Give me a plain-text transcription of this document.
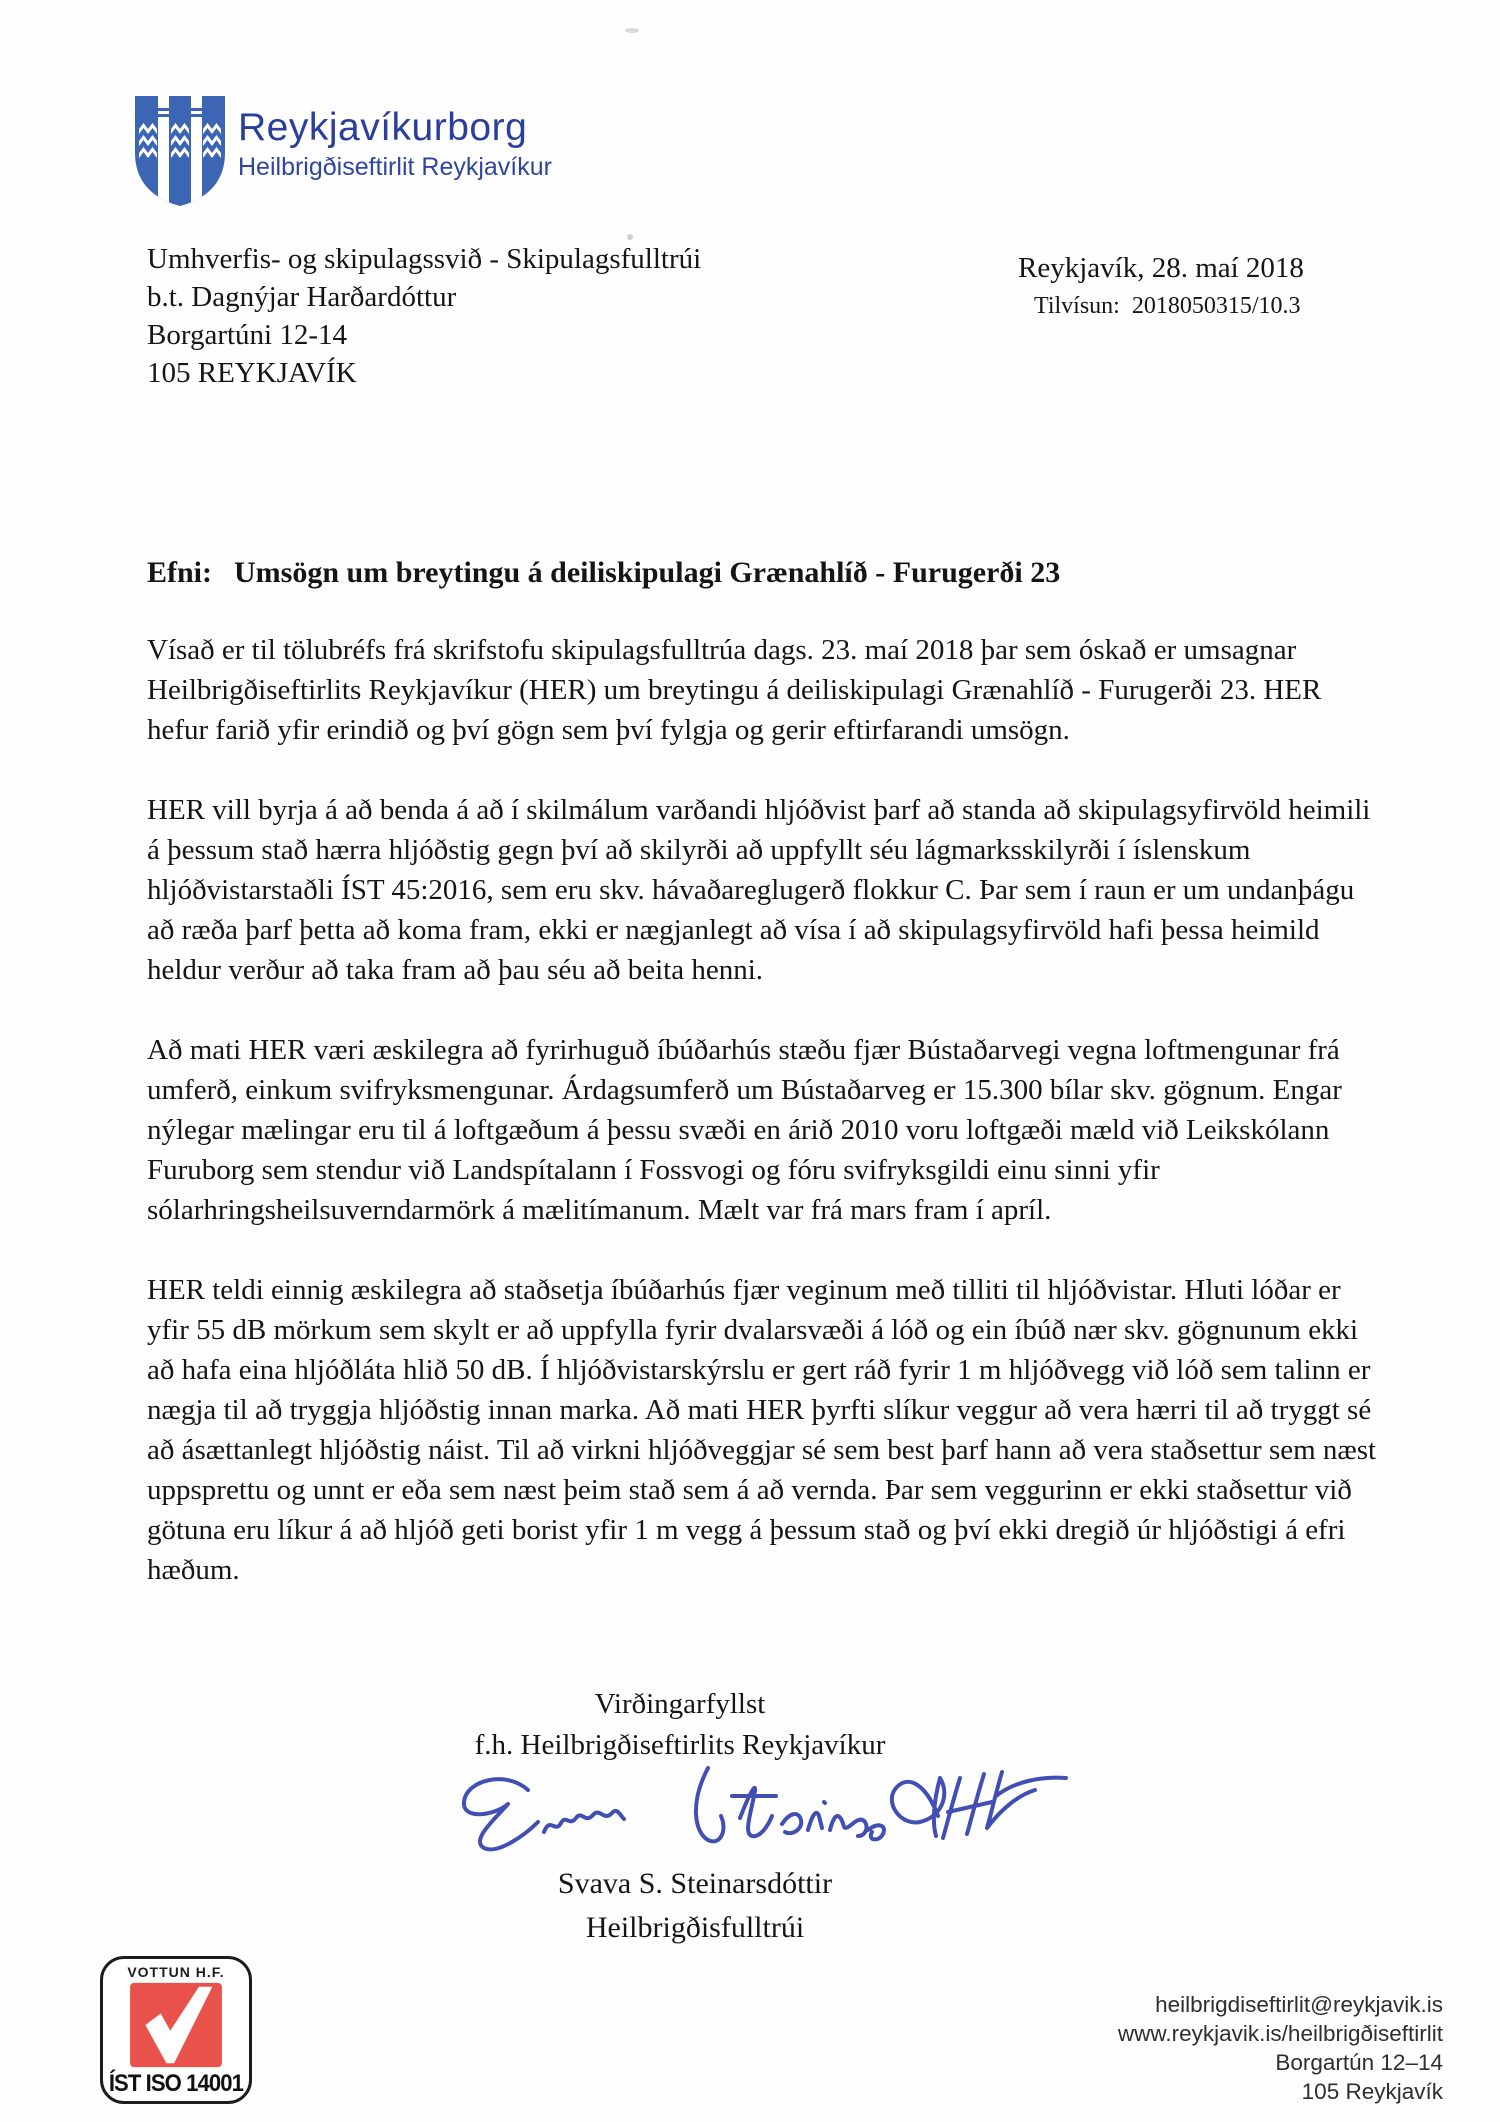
Reykjavíkurborg
Heilbrigðiseftirlit Reykjavíkur
Umhverfis- og skipulagssvið - Skipulagsfulltrúi
b.t. Dagnýjar Harðardóttur
Borgartúni 12-14
105 REYKJAVÍK
Reykjavík, 28. maí 2018
Tilvísun: 2018050315/10.3
Efni: Umsögn um breytingu á deiliskipulagi Grænahlíð - Furugerði 23

Vísað er til tölubréfs frá skrifstofu skipulagsfulltrúa dags. 23. maí 2018 þar sem óskað er umsagnar Heilbrigðiseftirlits Reykjavíkur (HER) um breytingu á deiliskipulagi Grænahlíð - Furugerði 23. HER hefur farið yfir erindið og því gögn sem því fylgja og gerir eftirfarandi umsögn.

HER vill byrja á að benda á að í skilmálum varðandi hljóðvist þarf að standa að skipulagsyfirvöld heimili á þessum stað hærra hljóðstig gegn því að skilyrði að uppfyllt séu lágmarksskilyrði í íslenskum hljóðvistarstaðli ÍST 45:2016, sem eru skv. hávaðareglugerð flokkur C. Þar sem í raun er um undanþágu að ræða þarf þetta að koma fram, ekki er nægjanlegt að vísa í að skipulagsyfirvöld hafi þessa heimild heldur verður að taka fram að þau séu að beita henni.

Að mati HER væri æskilegra að fyrirhuguð íbúðarhús stæðu fjær Bústaðarvegi vegna loftmengunar frá umferð, einkum svifryksmengunar. Árdagsumferð um Bústaðarveg er 15.300 bílar skv. gögnum. Engar nýlegar mælingar eru til á loftgæðum á þessu svæði en árið 2010 voru loftgæði mæld við Leikskólann Furuborg sem stendur við Landspítalann í Fossvogi og fóru svifryksgildi einu sinni yfir sólarhringsheilsuverndarmörk á mælitímanum. Mælt var frá mars fram í apríl.

HER teldi einnig æskilegra að staðsetja íbúðarhús fjær veginum með tilliti til hljóðvistar. Hluti lóðar er yfir 55 dB mörkum sem skylt er að uppfylla fyrir dvalarsvæði á lóð og ein íbúð nær skv. gögnunum ekki að hafa eina hljóðláta hlið 50 dB. Í hljóðvistarskýrslu er gert ráð fyrir 1 m hljóðvegg við lóð sem talinn er nægja til að tryggja hljóðstig innan marka. Að mati HER þyrfti slíkur veggur að vera hærri til að tryggt sé að ásættanlegt hljóðstig náist. Til að virkni hljóðveggjar sé sem best þarf hann að vera staðsettur sem næst uppsprettu og unnt er eða sem næst þeim stað sem á að vernda. Þar sem veggurinn er ekki staðsettur við götuna eru líkur á að hljóð geti borist yfir 1 m vegg á þessum stað og því ekki dregið úr hljóðstigi á efri hæðum.

Virðingarfyllst
f.h. Heilbrigðiseftirlits Reykjavíkur
Svava S. Steinarsdóttir
Heilbrigðisfulltrúi
VOTTUN H.F.
ÍST ISO 14001
heilbrigdiseftirlit@reykjavik.is
www.reykjavik.is/heilbrigðiseftirlit
Borgartún 12–14
105 Reykjavík
